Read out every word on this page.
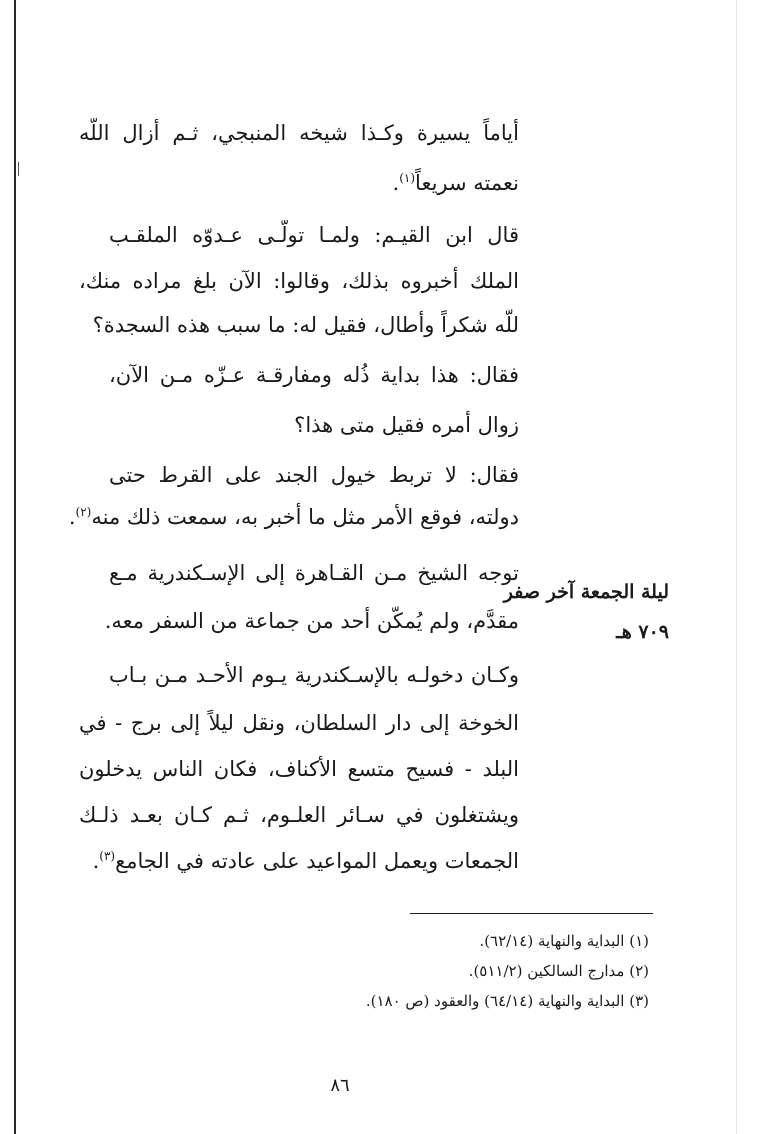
أياماً يسيرة وكـذا شيخه المنبجي، ثـم أزال اللّه
نعمته سريعاً$^{(١)}$.
قال ابن القيـم: ولمـا تولّـى عـدوّه الملقـب
الملك أخبروه بذلك، وقالوا: الآن بلغ مراده منك،
للّه شكراً وأطال، فقيل له: ما سبب هذه السجدة؟
فقال: هذا بداية ذُله ومفارقـة عـزّه مـن الآن،
زوال أمره فقيل متى هذا؟
فقال: لا تربط خيول الجند على القرط حتى
دولته، فوقع الأمر مثل ما أخبر به، سمعت ذلك منه$^{(٢)}$.
توجه الشيخ مـن القـاهرة إلى الإسـكندرية مـع
مقدَّم، ولم يُمكّن أحد من جماعة من السفر معه.
وكـان دخولـه بالإسـكندرية يـوم الأحـد مـن بـاب
الخوخة إلى دار السلطان، ونقل ليلاً إلى برج - في
البلد - فسيح متسع الأكناف، فكان الناس يدخلون
ويشتغلون في سـائر العلـوم، ثـم كـان بعـد ذلـك
الجمعات ويعمل المواعيد على عادته في الجامع$^{(٣)}$.
ليلة الجمعة آخر صفر
٧٠٩ هـ
(١) البداية والنهاية (٦٢/١٤).
(٢) مدارج السالكين (٥١١/٢).
(٣) البداية والنهاية (٦٤/١٤) والعقود (ص ١٨٠).
٨٦
